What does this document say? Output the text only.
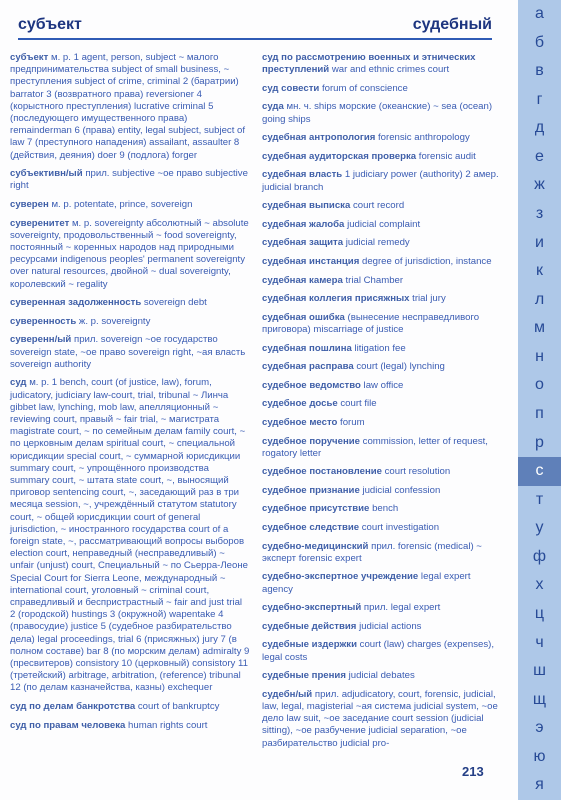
субъект	судебный
субъект м. р. 1 agent, person, subject ~ малого предпринимательства subject of small business, ~ преступления subject of crime, criminal 2 (баратрии) barrator 3 (возвратного права) reversioner 4 (корыстного преступления) lucrative criminal 5 (последующего имущественного права) remainderman 6 (права) entity, legal subject, subject of law 7 (преступного нападения) assailant, assaulter 8 (действия, деяния) doer 9 (подлога) forger
субъективн/ый прил. subjective ~ое право subjective right
суверен м. р. potentate, prince, sovereign
суверенитет м. р. sovereignty абсолютный ~ absolute sovereignty, продовольственный ~ food sovereignty, постоянный ~ коренных народов над природными ресурсами indigenous peoples' permanent sovereignty over natural resources, двойной ~ dual sovereignty, королевский ~ regality
суверенная задолженность sovereign debt
суверенность ж. р. sovereignty
суверенн/ый прил. sovereign ~ое государство sovereign state, ~ое право sovereign right, ~ая власть sovereign authority
суд м. р. 1 bench, court (of justice, law), forum, judicatory, judiciary law-court, trial, tribunal ~ Линча gibbet law, lynching, mob law, апелляционный ~ reviewing court, правый ~ fair trial, ~ магистрата magistrate court, ~ по семейным делам family court, ~ по церковным делам spiritual court, ~ специальной юрисдикции special court, ~ суммарной юрисдикции summary court, ~ упрощённого производства summary court, ~ штата state court, ~, выносящий приговор sentencing court, ~, заседающий раз в три месяца session, ~, учреждённый статутом statutory court, ~ общей юрисдикции court of general jurisdiction, ~ иностранного государства court of a foreign state, ~, рассматривающий вопросы выборов election court, неправедный (несправедливый) ~ unfair (unjust) court, Специальный ~ по Сьерра-Леоне Special Court for Sierra Leone, международный ~ international court, уголовный ~ criminal court, справедливый и беспристрастный ~ fair and just trial 2 (городской) hustings 3 (окружной) wapentake 4 (правосудие) justice 5 (судебное разбирательство дела) legal proceedings, trial 6 (присяжных) jury 7 (в полном составе) bar 8 (по морским делам) admiralty 9 (пресвитеров) consistory 10 (церковный) consistory 11 (третейский) arbitrage, arbitration, (reference) tribunal 12 (по делам казначейства, казны) exchequer
суд по делам банкротства court of bankruptcy
суд по правам человека human rights court
суд по рассмотрению военных и этнических преступлений war and ethnic crimes court
суд совести forum of conscience
суда мн. ч. ships морские (океанские) ~ sea (ocean) going ships
судебная антропология forensic anthropology
судебная аудиторская проверка forensic audit
судебная власть 1 judiciary power (authority) 2 амер. judicial branch
судебная выписка court record
судебная жалоба judicial complaint
судебная защита judicial remedy
судебная инстанция degree of jurisdiction, instance
судебная камера trial Chamber
судебная коллегия присяжных trial jury
судебная ошибка (вынесение несправедливого приговора) miscarriage of justice
судебная пошлина litigation fee
судебная расправа court (legal) lynching
судебное ведомство law office
судебное досье court file
судебное место forum
судебное поручение commission, letter of request, rogatory letter
судебное постановление court resolution
судебное признание judicial confession
судебное присутствие bench
судебное следствие court investigation
судебно-медицинский прил. forensic (medical) ~ эксперт forensic expert
судебно-экспертное учреждение legal expert agency
судебно-экспертный прил. legal expert
судебные действия judicial actions
судебные издержки court (law) charges (expenses), legal costs
судебные прения judicial debates
судебн/ый прил. adjudicatory, court, forensic, judicial, law, legal, magisterial ~ая система judicial system, ~ое дело law suit, ~ое заседание court session (judicial sitting), ~ое разбучение judicial separation, ~ое разбирательство judicial pro-
213
а
б
в
г
д
е
ж
з
и
к
л
м
н
о
п
р
с
т
у
ф
х
ц
ч
ш
щ
э
ю
я
